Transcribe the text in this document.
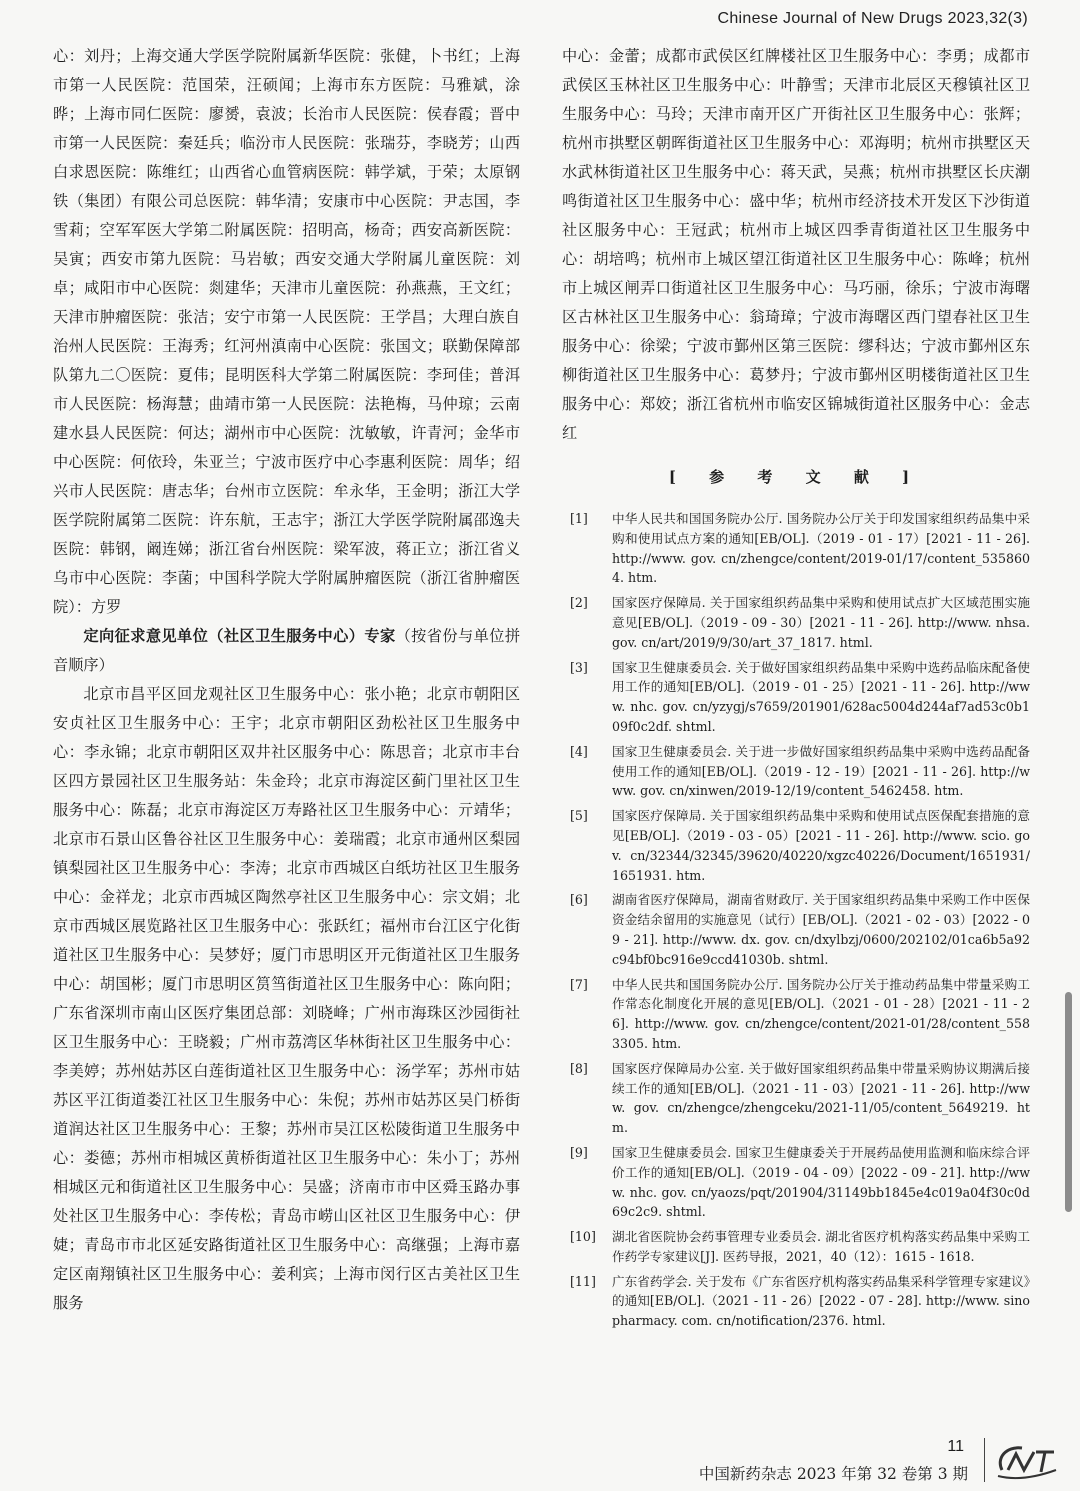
Chinese Journal of New Drugs 2023,32(3)

心：刘丹；上海交通大学医学院附属新华医院：张健，卜书红；上海市第一人民医院：范国荣，汪硕闻；上海市东方医院：马雅斌，涂晔；上海市同仁医院：廖赟，袁波；长治市人民医院：侯春霞；晋中市第一人民医院：秦廷兵；临汾市人民医院：张瑞芬，李晓芳；山西白求恩医院：陈维红；山西省心血管病医院：韩学斌，于荣；太原钢铁（集团）有限公司总医院：韩华清；安康市中心医院：尹志国，李雪莉；空军军医大学第二附属医院：招明高，杨奇；西安高新医院：吴寅；西安市第九医院：马岩敏；西安交通大学附属儿童医院：刘卓；咸阳市中心医院：剡建华；天津市儿童医院：孙燕燕，王文红；天津市肿瘤医院：张洁；安宁市第一人民医院：王学昌；大理白族自治州人民医院：王海秀；红河州滇南中心医院：张国文；联勤保障部队第九二〇医院：夏伟；昆明医科大学第二附属医院：李珂佳；普洱市人民医院：杨海慧；曲靖市第一人民医院：法艳梅，马仲琼；云南建水县人民医院：何达；湖州市中心医院：沈敏敏，许青河；金华市中心医院：何依玲，朱亚兰；宁波市医疗中心李惠利医院：周华；绍兴市人民医院：唐志华；台州市立医院：牟永华，王金明；浙江大学医学院附属第二医院：许东航，王志宇；浙江大学医学院附属邵逸夫医院：韩钢，阚连娣；浙江省台州医院：梁军波，蒋正立；浙江省义乌市中心医院：李菌；中国科学院大学附属肿瘤医院（浙江省肿瘤医院）：方罗

定向征求意见单位（社区卫生服务中心）专家（按省份与单位拼音顺序）

北京市昌平区回龙观社区卫生服务中心：张小艳；北京市朝阳区安贞社区卫生服务中心：王宇；北京市朝阳区劲松社区卫生服务中心：李永锦；北京市朝阳区双井社区服务中心：陈思音；北京市丰台区四方景园社区卫生服务站：朱金玲；北京市海淀区蓟门里社区卫生服务中心：陈磊；北京市海淀区万寿路社区卫生服务中心：亓靖华；北京市石景山区鲁谷社区卫生服务中心：姜瑞霞；北京市通州区梨园镇梨园社区卫生服务中心：李涛；北京市西城区白纸坊社区卫生服务中心：金祥龙；北京市西城区陶然亭社区卫生服务中心：宗文娟；北京市西城区展览路社区卫生服务中心：张跃红；福州市台江区宁化街道社区卫生服务中心：吴梦妤；厦门市思明区开元街道社区卫生服务中心：胡国彬；厦门市思明区筼筜街道社区卫生服务中心：陈向阳；广东省深圳市南山区医疗集团总部：刘晓峰；广州市海珠区沙园街社区卫生服务中心：王晓毅；广州市荔湾区华林街社区卫生服务中心：李美婷；苏州姑苏区白莲街道社区卫生服务中心：汤学军；苏州市姑苏区平江街道娄江社区卫生服务中心：朱倪；苏州市姑苏区吴门桥街道润达社区卫生服务中心：王黎；苏州市吴江区松陵街道卫生服务中心：娄德；苏州市相城区黄桥街道社区卫生服务中心：朱小丁；苏州相城区元和街道社区卫生服务中心：吴盛；济南市市中区舜玉路办事处社区卫生服务中心：李传松；青岛市崂山区社区卫生服务中心：伊婕；青岛市市北区延安路街道社区卫生服务中心：高继强；上海市嘉定区南翔镇社区卫生服务中心：姜利宾；上海市闵行区古美社区卫生服务

中心：金蕾；成都市武侯区红牌楼社区卫生服务中心：李勇；成都市武侯区玉林社区卫生服务中心：叶静雪；天津市北辰区天穆镇社区卫生服务中心：马玲；天津市南开区广开街社区卫生服务中心：张辉；杭州市拱墅区朝晖街道社区卫生服务中心：邓海明；杭州市拱墅区天水武林街道社区卫生服务中心：蒋天武，吴燕；杭州市拱墅区长庆潮鸣街道社区卫生服务中心：盛中华；杭州市经济技术开发区下沙街道社区服务中心：王冠武；杭州市上城区四季青街道社区卫生服务中心：胡培鸣；杭州市上城区望江街道社区卫生服务中心：陈峰；杭州市上城区闸弄口街道社区卫生服务中心：马巧丽，徐乐；宁波市海曙区古林社区卫生服务中心：翁琦璋；宁波市海曙区西门望春社区卫生服务中心：徐梁；宁波市鄞州区第三医院：缪科达；宁波市鄞州区东柳街道社区卫生服务中心：葛梦丹；宁波市鄞州区明楼街道社区卫生服务中心：郑姣；浙江省杭州市临安区锦城街道社区服务中心：金志红

[ 参 考 文 献 ]
[1]	中华人民共和国国务院办公厅. 国务院办公厅关于印发国家组织药品集中采购和使用试点方案的通知[EB/OL].（2019 - 01 - 17）[2021 - 11 - 26]. http://www. gov. cn/zhengce/content/2019-01/17/content_5358604. htm.
[2]	国家医疗保障局. 关于国家组织药品集中采购和使用试点扩大区域范围实施意见[EB/OL].（2019 - 09 - 30）[2021 - 11 - 26]. http://www. nhsa. gov. cn/art/2019/9/30/art_37_1817. html.
[3]	国家卫生健康委员会. 关于做好国家组织药品集中采购中选药品临床配备使用工作的通知[EB/OL].（2019 - 01 - 25）[2021 - 11 - 26]. http://www. nhc. gov. cn/yzygj/s7659/201901/628ac5004d244af7ad53c0b109f0c2df. shtml.
[4]	国家卫生健康委员会. 关于进一步做好国家组织药品集中采购中选药品配备使用工作的通知[EB/OL].（2019 - 12 - 19）[2021 - 11 - 26]. http://www. gov. cn/xinwen/2019-12/19/content_5462458. htm.
[5]	国家医疗保障局. 关于国家组织药品集中采购和使用试点医保配套措施的意见[EB/OL].（2019 - 03 - 05）[2021 - 11 - 26]. http://www. scio. gov. cn/32344/32345/39620/40220/xgzc40226/Document/1651931/1651931. htm.
[6]	湖南省医疗保障局，湖南省财政厅. 关于国家组织药品集中采购工作中医保资金结余留用的实施意见（试行）[EB/OL].（2021 - 02 - 03）[2022 - 09 - 21]. http://www. dx. gov. cn/dxylbzj/0600/202102/01ca6b5a92c94bf0bc916e9ccd41030b. shtml.
[7]	中华人民共和国国务院办公厅. 国务院办公厅关于推动药品集中带量采购工作常态化制度化开展的意见[EB/OL].（2021 - 01 - 28）[2021 - 11 - 26]. http://www. gov. cn/zhengce/content/2021-01/28/content_5583305. htm.
[8]	国家医疗保障局办公室. 关于做好国家组织药品集中带量采购协议期满后接续工作的通知[EB/OL].（2021 - 11 - 03）[2021 - 11 - 26]. http://www. gov. cn/zhengce/zhengceku/2021-11/05/content_5649219. htm.
[9]	国家卫生健康委员会. 国家卫生健康委关于开展药品使用监测和临床综合评价工作的通知[EB/OL].（2019 - 04 - 09）[2022 - 09 - 21]. http://www. nhc. gov. cn/yaozs/pqt/201904/31149bb1845e4c019a04f30c0d69c2c9. shtml.
[10]	湖北省医院协会药事管理专业委员会. 湖北省医疗机构落实药品集中采购工作药学专家建议[J]. 医药导报，2021，40（12）：1615 - 1618.
[11]	广东省药学会. 关于发布《广东省医疗机构落实药品集采科学管理专家建议》的通知[EB/OL].（2021 - 11 - 26）[2022 - 07 - 28]. http://www. sinopharmacy. com. cn/notification/2376. html.
11
中国新药杂志 2023 年第 32 卷第 3 期
